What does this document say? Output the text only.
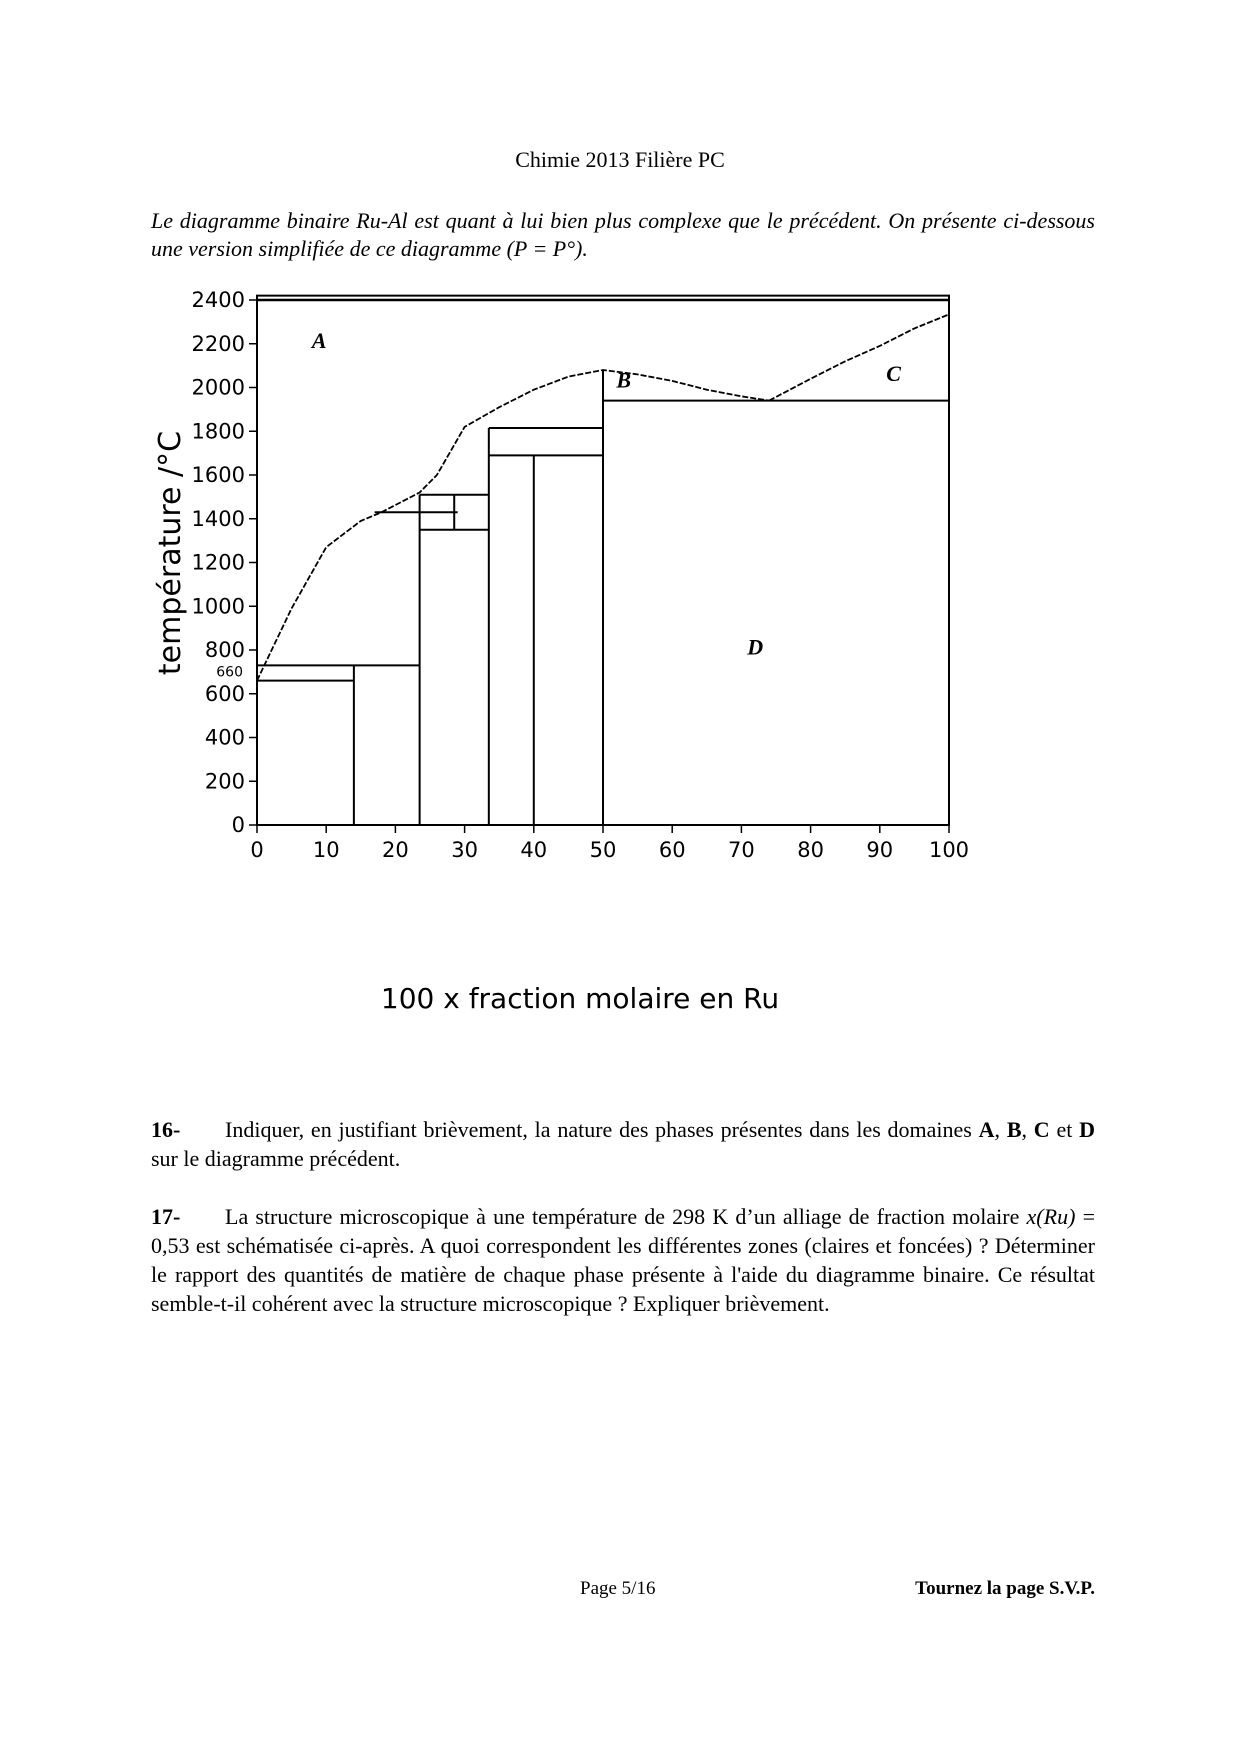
Chimie 2013 Filière PC
Le diagramme binaire Ru-Al est quant à lui bien plus complexe que le précédent. On présente ci-dessous une version simplifiée de ce diagramme (P = P°).
0
200
400
600
800
1000
1200
1400
1600
1800
2000
2200
2400
0 10 20 30 40 50 60 70 80 90 100
A
B	C
D
660
température /°C
100 x fraction molaire en Ru
16- Indiquer, en justifiant brièvement, la nature des phases présentes dans les domaines A, B, C et D sur le diagramme précédent.
17- La structure microscopique à une température de 298 K d’un alliage de fraction molaire x(Ru) = 0,53 est schématisée ci-après. A quoi correspondent les différentes zones (claires et foncées) ? Déterminer le rapport des quantités de matière de chaque phase présente à l'aide du diagramme binaire. Ce résultat semble-t-il cohérent avec la structure microscopique ? Expliquer brièvement.
Page 5/16	Tournez la page S.V.P.
